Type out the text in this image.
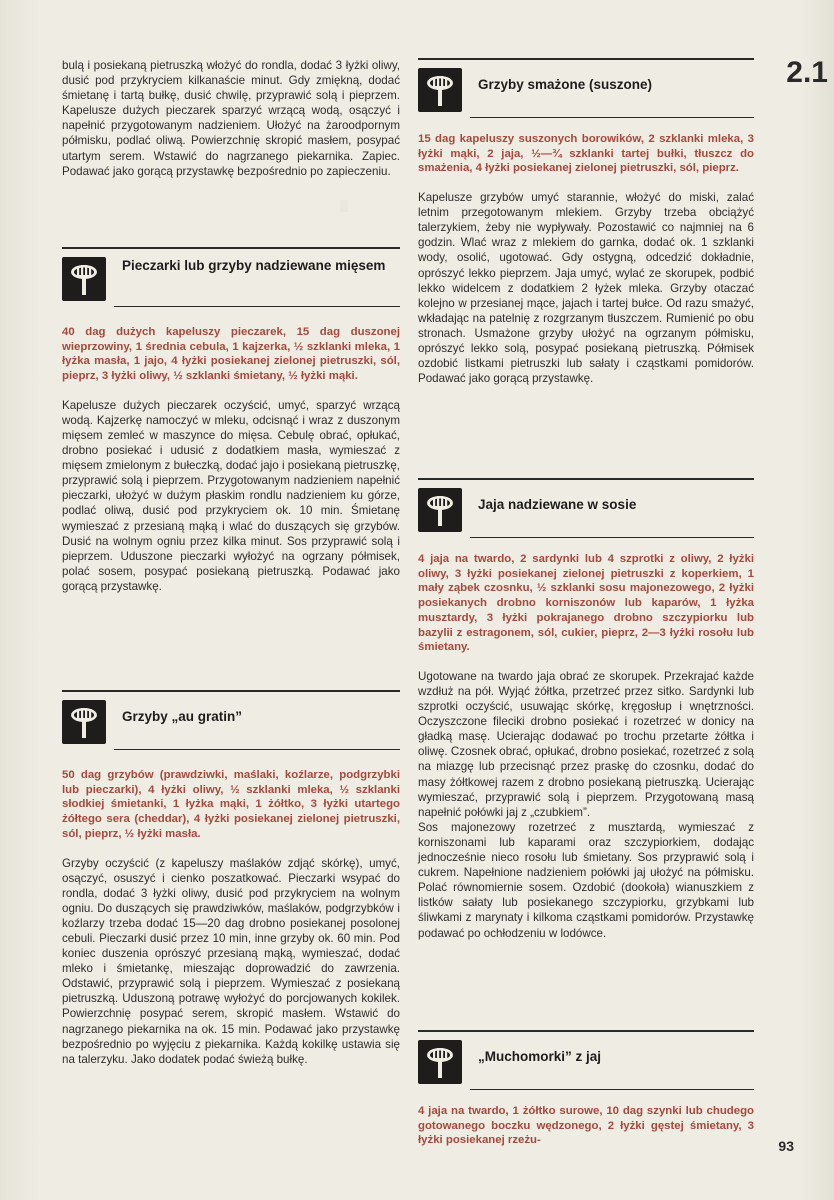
▒
2.1
93

bulą i posiekaną pietruszką włożyć do rondla, dodać 3 łyżki oliwy, dusić pod przykryciem kilkanaście minut. Gdy zmiękną, dodać śmietanę i tartą bułkę, dusić chwilę, przyprawić solą i pieprzem. Kapelusze dużych pieczarek sparzyć wrzącą wodą, osączyć i napełnić przygotowanym nadzieniem. Ułożyć na żaroodpornym półmisku, podlać oliwą. Powierzchnię skropić masłem, posypać utartym serem. Wstawić do nagrzanego piekarnika. Zapiec. Podawać jako gorącą przystawkę bezpośrednio po zapieczeniu.

Pieczarki lub grzyby nadziewane mięsem

40 dag dużych kapeluszy pieczarek, 15 dag duszonej wieprzowiny, 1 średnia cebula, 1 kajzerka, ½ szklanki mleka, 1 łyżka masła, 1 jajo, 4 łyżki posiekanej zielonej pietruszki, sól, pieprz, 3 łyżki oliwy, ½ szklanki śmietany, ½ łyżki mąki.

Kapelusze dużych pieczarek oczyścić, umyć, sparzyć wrzącą wodą. Kajzerkę namoczyć w mleku, odcisnąć i wraz z duszonym mięsem zemleć w maszynce do mięsa. Cebulę obrać, opłukać, drobno posiekać i udusić z dodatkiem masła, wymieszać z mięsem zmielonym z bułeczką, dodać jajo i posiekaną pietruszkę, przyprawić solą i pieprzem. Przygotowanym nadzieniem napełnić pieczarki, ułożyć w dużym płaskim rondlu nadzieniem ku górze, podlać oliwą, dusić pod przykryciem ok. 10 min. Śmietanę wymieszać z przesianą mąką i wlać do duszących się grzybów. Dusić na wolnym ogniu przez kilka minut. Sos przyprawić solą i pieprzem. Uduszone pieczarki wyłożyć na ogrzany półmisek, polać sosem, posypać posiekaną pietruszką. Podawać jako gorącą przystawkę.

Grzyby „au gratin”

50 dag grzybów (prawdziwki, maślaki, koźlarze, podgrzybki lub pieczarki), 4 łyżki oliwy, ½ szklanki mleka, ½ szklanki słodkiej śmietanki, 1 łyżka mąki, 1 żółtko, 3 łyżki utartego żółtego sera (cheddar), 4 łyżki posiekanej zielonej pietruszki, sól, pieprz, ½ łyżki masła.

Grzyby oczyścić (z kapeluszy maślaków zdjąć skórkę), umyć, osączyć, osuszyć i cienko poszatkować. Pieczarki wsypać do rondla, dodać 3 łyżki oliwy, dusić pod przykryciem na wolnym ogniu. Do duszących się prawdziwków, maślaków, podgrzybków i koźlarzy trzeba dodać 15—20 dag drobno posiekanej posolonej cebuli. Pieczarki dusić przez 10 min, inne grzyby ok. 60 min. Pod koniec duszenia oprószyć przesianą mąką, wymieszać, dodać mleko i śmietankę, mieszając doprowadzić do zawrzenia. Odstawić, przyprawić solą i pieprzem. Wymieszać z posiekaną pietruszką. Uduszoną potrawę wyłożyć do porcjowanych kokilek. Powierzchnię posypać serem, skropić masłem. Wstawić do nagrzanego piekarnika na ok. 15 min. Podawać jako przystawkę bezpośrednio po wyjęciu z piekarnika. Każdą kokilkę ustawia się na talerzyku. Jako dodatek podać świeżą bułkę.

Grzyby smażone (suszone)

15 dag kapeluszy suszonych borowików, 2 szklanki mleka, 3 łyżki mąki, 2 jaja, ½—¾ szklanki tartej bułki, tłuszcz do smażenia, 4 łyżki posiekanej zielonej pietruszki, sól, pieprz.

Kapelusze grzybów umyć starannie, włożyć do miski, zalać letnim przegotowanym mlekiem. Grzyby trzeba obciążyć talerzykiem, żeby nie wypływały. Pozostawić co najmniej na 6 godzin. Wlać wraz z mlekiem do garnka, dodać ok. 1 szklanki wody, osolić, ugotować. Gdy ostygną, odcedzić dokładnie, oprószyć lekko pieprzem. Jaja umyć, wylać ze skorupek, podbić lekko widelcem z dodatkiem 2 łyżek mleka. Grzyby otaczać kolejno w przesianej mące, jajach i tartej bułce. Od razu smażyć, wkładając na patelnię z rozgrzanym tłuszczem. Rumienić po obu stronach. Usmażone grzyby ułożyć na ogrzanym półmisku, oprószyć lekko solą, posypać posiekaną pietruszką. Półmisek ozdobić listkami pietruszki lub sałaty i cząstkami pomidorów. Podawać jako gorącą przystawkę.

Jaja nadziewane w sosie

4 jaja na twardo, 2 sardynki lub 4 szprotki z oliwy, 2 łyżki oliwy, 3 łyżki posiekanej zielonej pietruszki z koperkiem, 1 mały ząbek czosnku, ½ szklanki sosu majonezowego, 2 łyżki posiekanych drobno korniszonów lub kaparów, 1 łyżka musztardy, 3 łyżki pokrajanego drobno szczypiorku lub bazylii z estragonem, sól, cukier, pieprz, 2—3 łyżki rosołu lub śmietany.

Ugotowane na twardo jaja obrać ze skorupek. Przekrajać każde wzdłuż na pół. Wyjąć żółtka, przetrzeć przez sitko. Sardynki lub szprotki oczyścić, usuwając skórkę, kręgosłup i wnętrzności. Oczyszczone fileciki drobno posiekać i rozetrzeć w donicy na gładką masę. Ucierając dodawać po trochu przetarte żółtka i oliwę. Czosnek obrać, opłukać, drobno posiekać, rozetrzeć z solą na miazgę lub przecisnąć przez praskę do czosnku, dodać do masy żółtkowej razem z drobno posiekaną pietruszką. Ucierając wymieszać, przyprawić solą i pieprzem. Przygotowaną masą napełnić połówki jaj z „czubkiem”.

Sos majonezowy rozetrzeć z musztardą, wymieszać z korniszonami lub kaparami oraz szczypiorkiem, dodając jednocześnie nieco rosołu lub śmietany. Sos przyprawić solą i cukrem. Napełnione nadzieniem połówki jaj ułożyć na półmisku. Polać równomiernie sosem. Ozdobić (dookoła) wianuszkiem z listków sałaty lub posiekanego szczypiorku, grzybkami lub śliwkami z marynaty i kilkoma cząstkami pomidorów. Przystawkę podawać po ochłodzeniu w lodówce.

„Muchomorki” z jaj

4 jaja na twardo, 1 żółtko surowe, 10 dag szynki lub chudego gotowanego boczku wędzonego, 2 łyżki gęstej śmietany, 3 łyżki posiekanej rzeżu-
